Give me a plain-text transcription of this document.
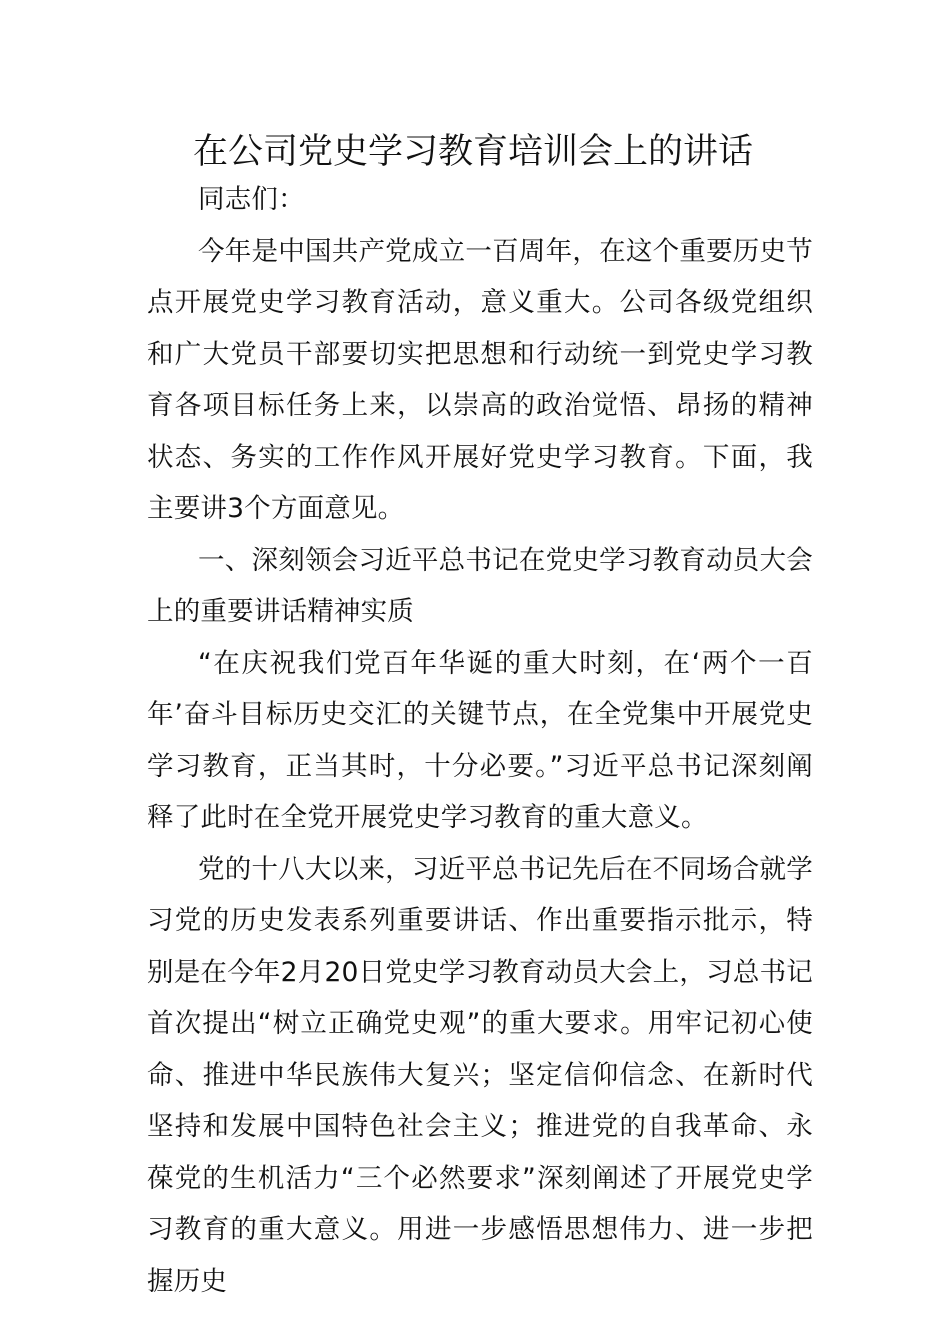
在公司党史学习教育培训会上的讲话

同志们：

今年是中国共产党成立一百周年，在这个重要历史节点开展党史学习教育活动，意义重大。公司各级党组织和广大党员干部要切实把思想和行动统一到党史学习教育各项目标任务上来，以崇高的政治觉悟、昂扬的精神状态、务实的工作作风开展好党史学习教育。下面，我主要讲3个方面意见。

一、深刻领会习近平总书记在党史学习教育动员大会上的重要讲话精神实质

“在庆祝我们党百年华诞的重大时刻，在‘两个一百年’奋斗目标历史交汇的关键节点，在全党集中开展党史学习教育，正当其时，十分必要。”习近平总书记深刻阐释了此时在全党开展党史学习教育的重大意义。

党的十八大以来，习近平总书记先后在不同场合就学习党的历史发表系列重要讲话、作出重要指示批示，特别是在今年2月20日党史学习教育动员大会上，习总书记首次提出“树立正确党史观”的重大要求。用牢记初心使命、推进中华民族伟大复兴；坚定信仰信念、在新时代坚持和发展中国特色社会主义；推进党的自我革命、永葆党的生机活力“三个必然要求”深刻阐述了开展党史学习教育的重大意义。用进一步感悟思想伟力、进一步把握历史
